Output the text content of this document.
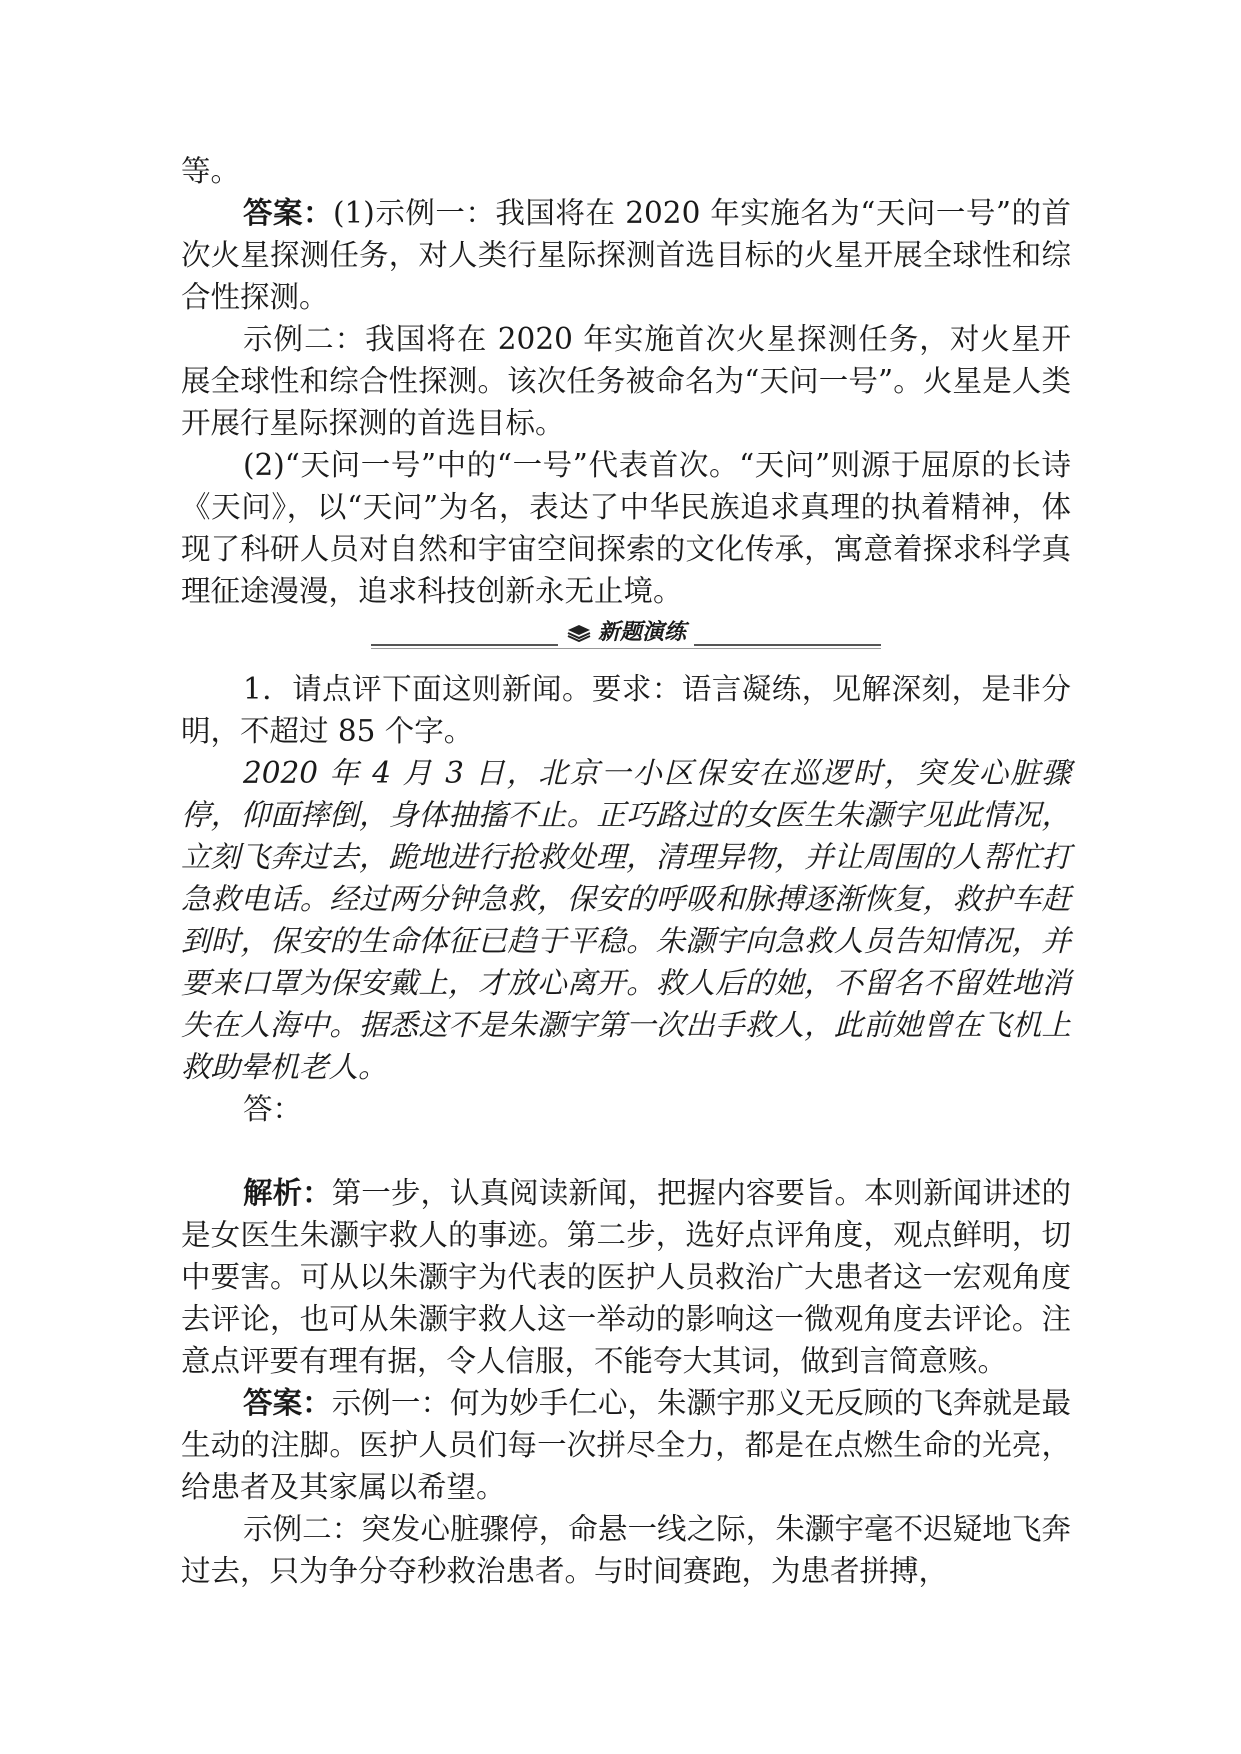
等。

答案：(1)示例一：我国将在 2020 年实施名为“天问一号”的首次火星探测任务，对人类行星际探测首选目标的火星开展全球性和综合性探测。

示例二：我国将在 2020 年实施首次火星探测任务，对火星开展全球性和综合性探测。该次任务被命名为“天问一号”。火星是人类开展行星际探测的首选目标。

(2)“天问一号”中的“一号”代表首次。“天问”则源于屈原的长诗《天问》，以“天问”为名，表达了中华民族追求真理的执着精神，体现了科研人员对自然和宇宙空间探索的文化传承，寓意着探求科学真理征途漫漫，追求科技创新永无止境。

新题演练

1．请点评下面这则新闻。要求：语言凝练，见解深刻，是非分明，不超过 85 个字。

2020 年 4 月 3 日，北京一小区保安在巡逻时，突发心脏骤停，仰面摔倒，身体抽搐不止。正巧路过的女医生朱灏宇见此情况，立刻飞奔过去，跪地进行抢救处理，清理异物，并让周围的人帮忙打急救电话。经过两分钟急救，保安的呼吸和脉搏逐渐恢复，救护车赶到时，保安的生命体征已趋于平稳。朱灏宇向急救人员告知情况，并要来口罩为保安戴上，才放心离开。救人后的她，不留名不留姓地消失在人海中。据悉这不是朱灏宇第一次出手救人，此前她曾在飞机上救助晕机老人。

答：

解析：第一步，认真阅读新闻，把握内容要旨。本则新闻讲述的是女医生朱灏宇救人的事迹。第二步，选好点评角度，观点鲜明，切中要害。可从以朱灏宇为代表的医护人员救治广大患者这一宏观角度去评论，也可从朱灏宇救人这一举动的影响这一微观角度去评论。注意点评要有理有据，令人信服，不能夸大其词，做到言简意赅。

答案：示例一：何为妙手仁心，朱灏宇那义无反顾的飞奔就是最生动的注脚。医护人员们每一次拼尽全力，都是在点燃生命的光亮，给患者及其家属以希望。

示例二：突发心脏骤停，命悬一线之际，朱灏宇毫不迟疑地飞奔过去，只为争分夺秒救治患者。与时间赛跑，为患者拼搏，
